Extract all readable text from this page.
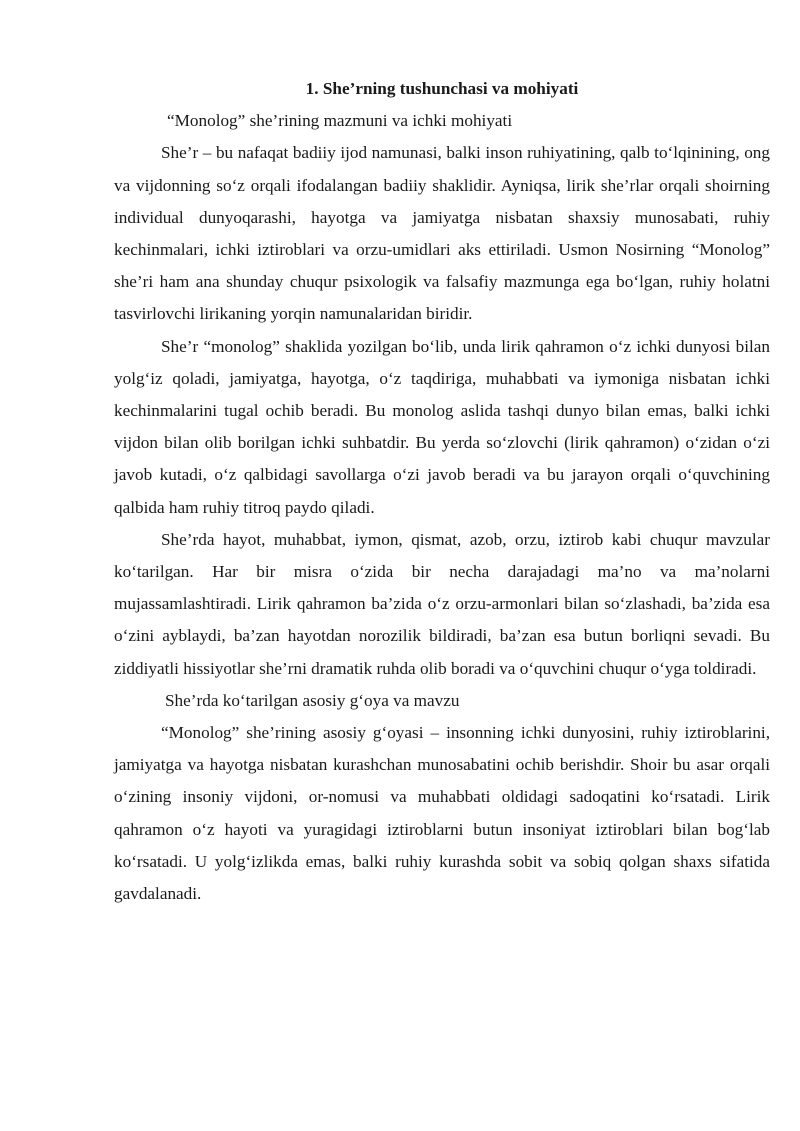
1. She’rning tushunchasi va mohiyati

“Monolog” she’rining mazmuni va ichki mohiyati

She’r – bu nafaqat badiiy ijod namunasi, balki inson ruhiyatining, qalb to‘lqinining, ong va vijdonning so‘z orqali ifodalangan badiiy shaklidir. Ayniqsa, lirik she’rlar orqali shoirning individual dunyoqarashi, hayotga va jamiyatga nisbatan shaxsiy munosabati, ruhiy kechinmalari, ichki iztiroblari va orzu-umidlari aks ettiriladi. Usmon Nosirning “Monolog” she’ri ham ana shunday chuqur psixologik va falsafiy mazmunga ega bo‘lgan, ruhiy holatni tasvirlovchi lirikaning yorqin namunalaridan biridir.

She’r “monolog” shaklida yozilgan bo‘lib, unda lirik qahramon o‘z ichki dunyosi bilan yolg‘iz qoladi, jamiyatga, hayotga, o‘z taqdiriga, muhabbati va iymoniga nisbatan ichki kechinmalarini tugal ochib beradi. Bu monolog aslida tashqi dunyo bilan emas, balki ichki vijdon bilan olib borilgan ichki suhbatdir. Bu yerda so‘zlovchi (lirik qahramon) o‘zidan o‘zi javob kutadi, o‘z qalbidagi savollarga o‘zi javob beradi va bu jarayon orqali o‘quvchining qalbida ham ruhiy titroq paydo qiladi.

She’rda hayot, muhabbat, iymon, qismat, azob, orzu, iztirob kabi chuqur mavzular ko‘tarilgan. Har bir misra o‘zida bir necha darajadagi ma’no va ma’nolarni mujassamlashtiradi. Lirik qahramon ba’zida o‘z orzu-armonlari bilan so‘zlashadi, ba’zida esa o‘zini ayblaydi, ba’zan hayotdan norozilik bildiradi, ba’zan esa butun borliqni sevadi. Bu ziddiyatli hissiyotlar she’rni dramatik ruhda olib boradi va o‘quvchini chuqur o‘yga toldiradi.

She’rda ko‘tarilgan asosiy g‘oya va mavzu

“Monolog” she’rining asosiy g‘oyasi – insonning ichki dunyosini, ruhiy iztiroblarini, jamiyatga va hayotga nisbatan kurashchan munosabatini ochib berishdir. Shoir bu asar orqali o‘zining insoniy vijdoni, or-nomusi va muhabbati oldidagi sadoqatini ko‘rsatadi. Lirik qahramon o‘z hayoti va yuragidagi iztiroblarni butun insoniyat iztiroblari bilan bog‘lab ko‘rsatadi. U yolg‘izlikda emas, balki ruhiy kurashda sobit va sobiq qolgan shaxs sifatida gavdalanadi.
